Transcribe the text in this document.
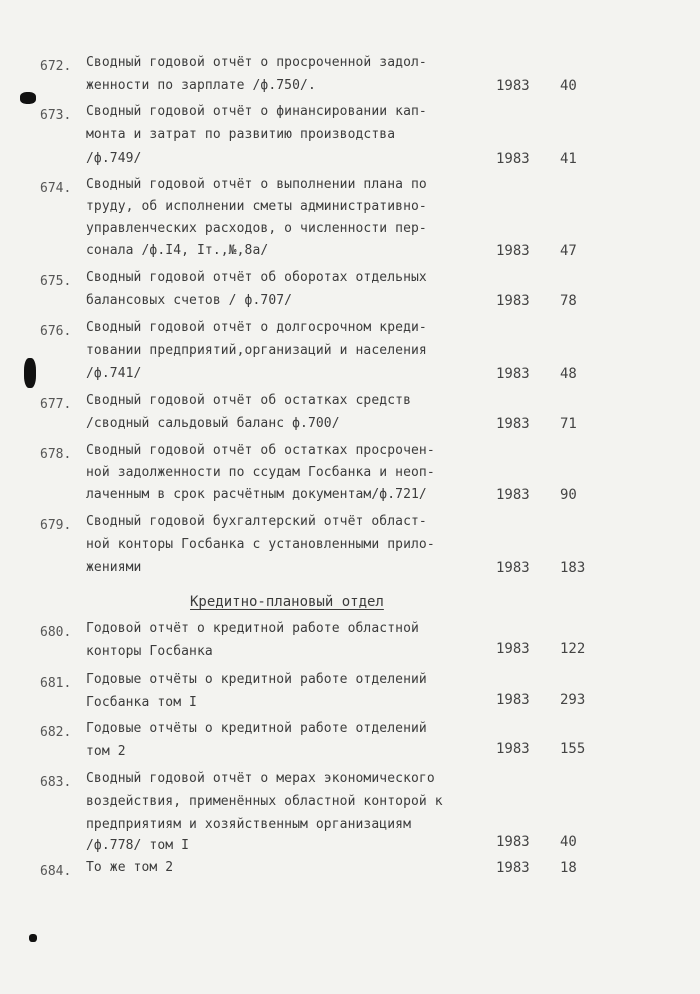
672. Сводный годовой отчёт о просроченной задол-
женности по зарплате /ф.750/.	1983 40
673. Сводный годовой отчёт о финансировании кап-
монта и затрат по развитию производства
/ф.749/	1983 41
674. Сводный годовой отчёт о выполнении плана по
труду, об исполнении сметы административно-
управленческих расходов, о численности пер-
сонала /ф.I4, Iт.,№,8а/	1983 47
675. Сводный годовой отчёт об оборотах отдельных
балансовых счетов / ф.707/	1983 78
676. Сводный годовой отчёт о долгосрочном креди-
товании предприятий,организаций и населения
/ф.741/	1983 48
677. Сводный годовой отчёт об остатках средств
/сводный сальдовый баланс ф.700/	1983 71
678. Сводный годовой отчёт об остатках просрочен-
ной задолженности по ссудам Госбанка и неоп-
лаченным в срок расчётным документам/ф.721/	1983 90
679. Сводный годовой бухгалтерский отчёт област-
ной конторы Госбанка с установленными прило-
жениями	1983 183
Кредитно-плановый отдел
680. Годовой отчёт о кредитной работе областной
конторы Госбанка	1983 122
681. Годовые отчёты о кредитной работе отделений
Госбанка том I	1983 293
682. Годовые отчёты о кредитной работе отделений
том 2	1983 155
683. Сводный годовой отчёт о мерах экономического
воздействия, применённых областной конторой к
предприятиям и хозяйственным организациям
/ф.778/ том I	1983 40
684. То же том 2	1983 18
